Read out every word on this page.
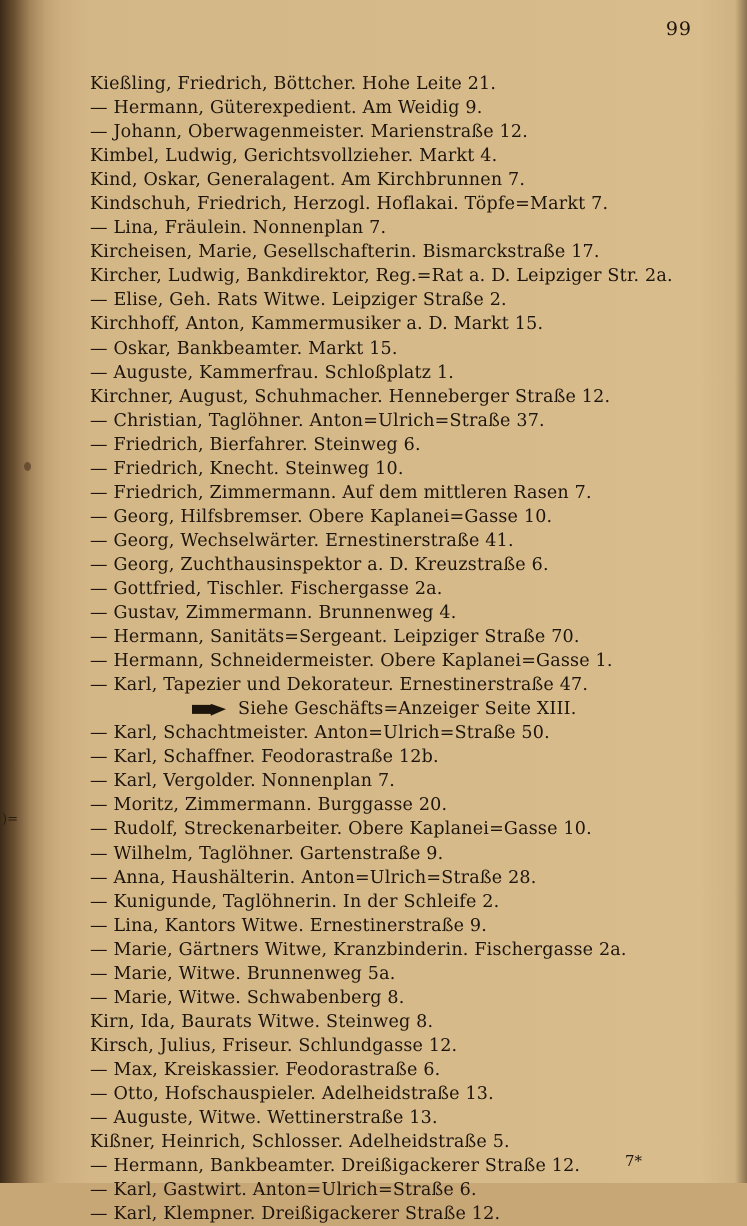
)=
99
Kießling, Friedrich, Böttcher. Hohe Leite 21.
— Hermann, Güterexpedient. Am Weidig 9.
— Johann, Oberwagenmeister. Marienstraße 12.
Kimbel, Ludwig, Gerichtsvollzieher. Markt 4.
Kind, Oskar, Generalagent. Am Kirchbrunnen 7.
Kindschuh, Friedrich, Herzogl. Hoflakai. Töpfe=Markt 7.
— Lina, Fräulein. Nonnenplan 7.
Kircheisen, Marie, Gesellschafterin. Bismarckstraße 17.
Kircher, Ludwig, Bankdirektor, Reg.=Rat a. D. Leipziger Str. 2a.
— Elise, Geh. Rats Witwe. Leipziger Straße 2.
Kirchhoff, Anton, Kammermusiker a. D. Markt 15.
— Oskar, Bankbeamter. Markt 15.
— Auguste, Kammerfrau. Schloßplatz 1.
Kirchner, August, Schuhmacher. Henneberger Straße 12.
— Christian, Taglöhner. Anton=Ulrich=Straße 37.
— Friedrich, Bierfahrer. Steinweg 6.
— Friedrich, Knecht. Steinweg 10.
— Friedrich, Zimmermann. Auf dem mittleren Rasen 7.
— Georg, Hilfsbremser. Obere Kaplanei=Gasse 10.
— Georg, Wechselwärter. Ernestinerstraße 41.
— Georg, Zuchthausinspektor a. D. Kreuzstraße 6.
— Gottfried, Tischler. Fischergasse 2a.
— Gustav, Zimmermann. Brunnenweg 4.
— Hermann, Sanitäts=Sergeant. Leipziger Straße 70.
— Hermann, Schneidermeister. Obere Kaplanei=Gasse 1.
— Karl, Tapezier und Dekorateur. Ernestinerstraße 47.
Siehe Geschäfts=Anzeiger Seite XIII.
— Karl, Schachtmeister. Anton=Ulrich=Straße 50.
— Karl, Schaffner. Feodorastraße 12b.
— Karl, Vergolder. Nonnenplan 7.
— Moritz, Zimmermann. Burggasse 20.
— Rudolf, Streckenarbeiter. Obere Kaplanei=Gasse 10.
— Wilhelm, Taglöhner. Gartenstraße 9.
— Anna, Haushälterin. Anton=Ulrich=Straße 28.
— Kunigunde, Taglöhnerin. In der Schleife 2.
— Lina, Kantors Witwe. Ernestinerstraße 9.
— Marie, Gärtners Witwe, Kranzbinderin. Fischergasse 2a.
— Marie, Witwe. Brunnenweg 5a.
— Marie, Witwe. Schwabenberg 8.
Kirn, Ida, Baurats Witwe. Steinweg 8.
Kirsch, Julius, Friseur. Schlundgasse 12.
— Max, Kreiskassier. Feodorastraße 6.
— Otto, Hofschauspieler. Adelheidstraße 13.
— Auguste, Witwe. Wettinerstraße 13.
Kißner, Heinrich, Schlosser. Adelheidstraße 5.
— Hermann, Bankbeamter. Dreißigackerer Straße 12.
— Karl, Gastwirt. Anton=Ulrich=Straße 6.
— Karl, Klempner. Dreißigackerer Straße 12.
7*
